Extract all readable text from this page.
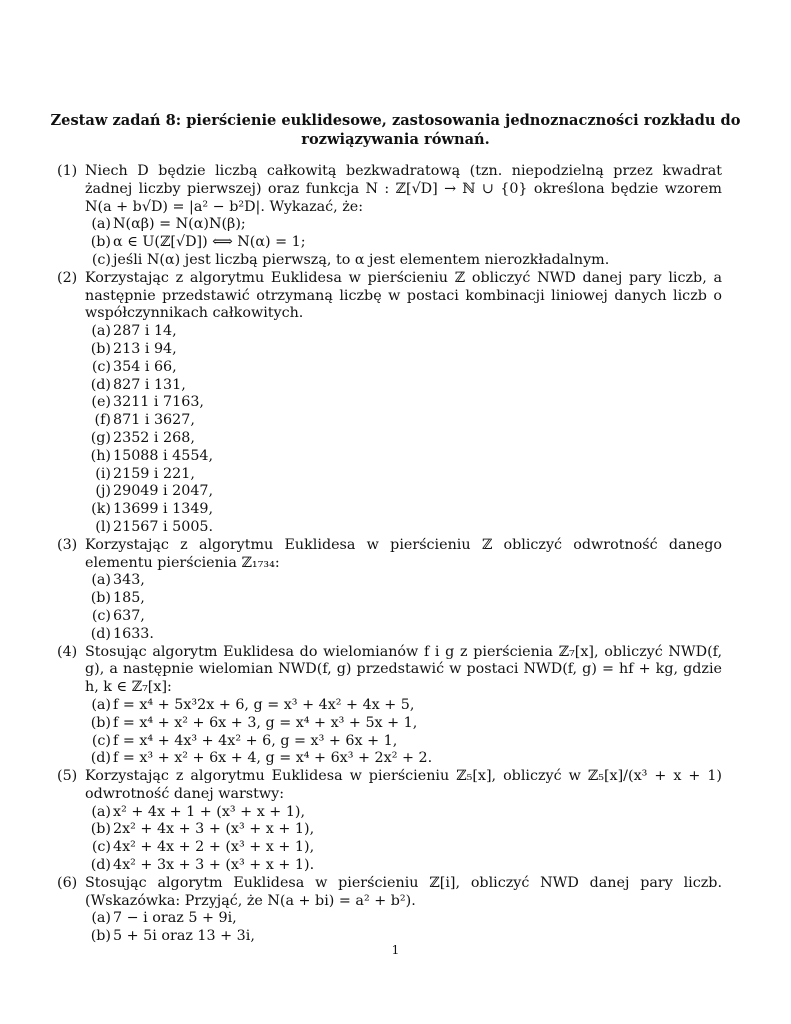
Zestaw zadań 8: pierścienie euklidesowe, zastosowania jednoznaczności rozkładu do rozwiązywania równań.
(1) Niech D będzie liczbą całkowitą bezkwadratową (tzn. niepodzielną przez kwadrat żadnej liczby pierwszej) oraz funkcja N : ℤ[√D] → ℕ ∪ {0} określona będzie wzorem N(a + b√D) = |a² − b²D|. Wykazać, że:
(a) N(αβ) = N(α)N(β);
(b) α ∈ U(ℤ[√D]) ⟺ N(α) = 1;
(c) jeśli N(α) jest liczbą pierwszą, to α jest elementem nierozkładalnym.
(2) Korzystając z algorytmu Euklidesa w pierścieniu ℤ obliczyć NWD danej pary liczb, a następnie przedstawić otrzymaną liczbę w postaci kombinacji liniowej danych liczb o współczynnikach całkowitych.
(a) 287 i 14,
(b) 213 i 94,
(c) 354 i 66,
(d) 827 i 131,
(e) 3211 i 7163,
(f) 871 i 3627,
(g) 2352 i 268,
(h) 15088 i 4554,
(i) 2159 i 221,
(j) 29049 i 2047,
(k) 13699 i 1349,
(l) 21567 i 5005.
(3) Korzystając z algorytmu Euklidesa w pierścieniu ℤ obliczyć odwrotność danego elementu pierścienia ℤ₁₇₃₄:
(a) 343,
(b) 185,
(c) 637,
(d) 1633.
(4) Stosując algorytm Euklidesa do wielomianów f i g z pierścienia ℤ₇[x], obliczyć NWD(f, g), a następnie wielomian NWD(f, g) przedstawić w postaci NWD(f, g) = hf + kg, gdzie h, k ∈ ℤ₇[x]:
(a) f = x⁴ + 5x³2x + 6, g = x³ + 4x² + 4x + 5,
(b) f = x⁴ + x² + 6x + 3, g = x⁴ + x³ + 5x + 1,
(c) f = x⁴ + 4x³ + 4x² + 6, g = x³ + 6x + 1,
(d) f = x³ + x² + 6x + 4, g = x⁴ + 6x³ + 2x² + 2.
(5) Korzystając z algorytmu Euklidesa w pierścieniu ℤ₅[x], obliczyć w ℤ₅[x]/(x³ + x + 1) odwrotność danej warstwy:
(a) x² + 4x + 1 + (x³ + x + 1),
(b) 2x² + 4x + 3 + (x³ + x + 1),
(c) 4x² + 4x + 2 + (x³ + x + 1),
(d) 4x² + 3x + 3 + (x³ + x + 1).
(6) Stosując algorytm Euklidesa w pierścieniu ℤ[i], obliczyć NWD danej pary liczb. (Wskazówka: Przyjąć, że N(a + bi) = a² + b²).
(a) 7 − i oraz 5 + 9i,
(b) 5 + 5i oraz 13 + 3i,
1
